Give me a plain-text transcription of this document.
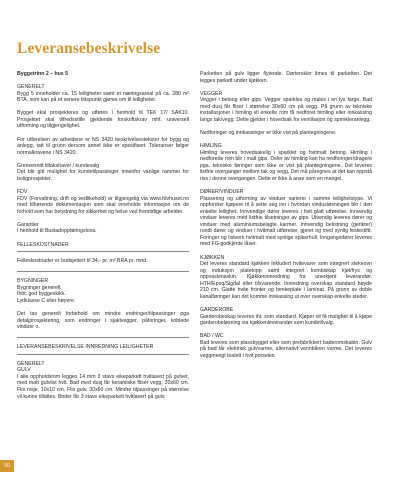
Leveransebeskrivelse
Byggetrinn 2 – hus 5
GENERELT

Bygg 5 inneholder ca. 15 leiligheter samt et næringsareal på ca. 280 m² BTA, som kan på et senere tidspunkt gjøres om til leiligheter.

Bygget skal prosjekteres og utføres i henhold til TEK 17/ SAK10. Prosjektet skal tilfredsstille gjeldende forskriftskrav mht. universell utforming og tilgjengelighet.

For utførelsen av arbeidene er NS 3420 beskrivelsestekster for bygg og anlegg, tatt til grunn dersom annet ikke er spesifisert. Toleranser følger normalkravene i NS 3420.

Grensesnitt tiltakshaver / kundevalg

Det blir gitt mulighet for kundetilpassinger innenfor vanlige rammer for boligprosjekter.

FDV

FDV (Forvaltning, drift og vedlikehold) er tilgjengelig via www.fdvhuset.no med tilhørende dokumentasjon som skal inneholde informasjon om de forhold som har betydning for sikkerhet og helse ved fremtidige arbeider.

Garantier

I henhold til Bustadoppføringslova.

FELLESKOSTNADER

Felleskostnader er budsjettert til 34,- pr. m² BRA pr. mnd.

BYGNINGER
Bygninger generelt
Ihht. god byggeskikk.

Lydklasse C eller høyere.

Det tas generelt forbehold om mindre endringer/tilpassinger pga detaljprosjektering, som endringer i sjaktvegger, påforinger, koblede vinduer o.

LEVERANSEBESKRIVELSE INNREDNING LEILIGHETER
GENERELT
GULV

I alle oppholdsrom legges 14 mm 3 stavs eikeparkett hvitlasert på gulvet, med matt gulvlist hvit. Bad med dusj får keramiske fliser vegg, 30x60 cm. Flis nisje, 10x10 cm. Flis gulv, 30x60 cm. Mindre tilpassinger på størrelse vil kunne tillattes. Boder får 3 stavs eikeparkett hvitlasert på gulv.

Parketten på gulv ligger flytende. Dørterskler limes til parketten. Det legges parkett under kjøkken.

VEGGER

Vegger i betong eller gips. Vegger sparkles og males i en lys farge. Bad med dusj får fliser i størrelse 30x60 cm på vegg. På grunn av tekniske installasjoner i himling vil enkelte rom få nedforet himling eller innkassing langs tak/vegg. Dette gjelder i hovedsak for ventilasjon og sprinkleranlegg.

Nedforinger og innkassinger er ikke vist på plantegningene.

HIMLING

Himling leveres hovedsakelig i sparklet og hvitmalt betong. Himling i nedforede rom blir i malt gips. Deler av himling kan ha nedforinger/dragere pga. tekniske føringer som ikke er vist på plantegningene. Det leveres listfrie overganger mellom tak og vegg. Det må påregnes at det kan oppstå riss i denne overgangen. Dette er ikke å anse som en mangel.

DØRER/VINDUER

Plassering og utforming av vinduer varierer i samme leilighetstype. Vi oppfordrer kjøpere til å sette seg inn i hvordan vindusløsningen blir i den enkelte leilighet. Innvendige dører leveres i hvit glatt utførelse. Innvendig vinduer leveres med listfrie tilsetninger av gips. Utvendig leveres dører og vinduer med aluminiumsbelagte karmer. Innvendig belistning (gerikter) rundt dører og vinduer i hvitmalt utførelse, gjeret og med synlig festestiftt. Foringer og listverk hvitmalt med synlige spikerhull. Inngangsdører leveres med FG-godkjente låser.

KJØKKEN

Det leveres standard kjøkken inkludert hvitevarer som integrert stekeovn og induksjon platetopp samt integrert kombiskap kjøl/frys og oppvaskmaskin. Kjøkkeninnredning fra anerkjent leverandør. HTH/Epoq/Sigdal eller tilsvarende. Innredning overskap standard høyde 210 cm. Glatte hvite fronter og benkeplate i laminat. På grunn av doble kanalføringer kan det komme innkassing ut over overskap enkelte steder.

GARDEROBE

Garderobeskap leveres iht. som standard. Kjøper vil få mulighet til å kjøpe garderobeløsning via kjøkkenleverandør som kundetilvalg.

BAD / WC

Bad leveres som plassbygget eller som prefabrikkert baderomskabin. Gulv på bad får elektrisk gulvvarme, alternativt vannbåren varme. Det leveres veggmengt toalett i hvit porselen.

50
